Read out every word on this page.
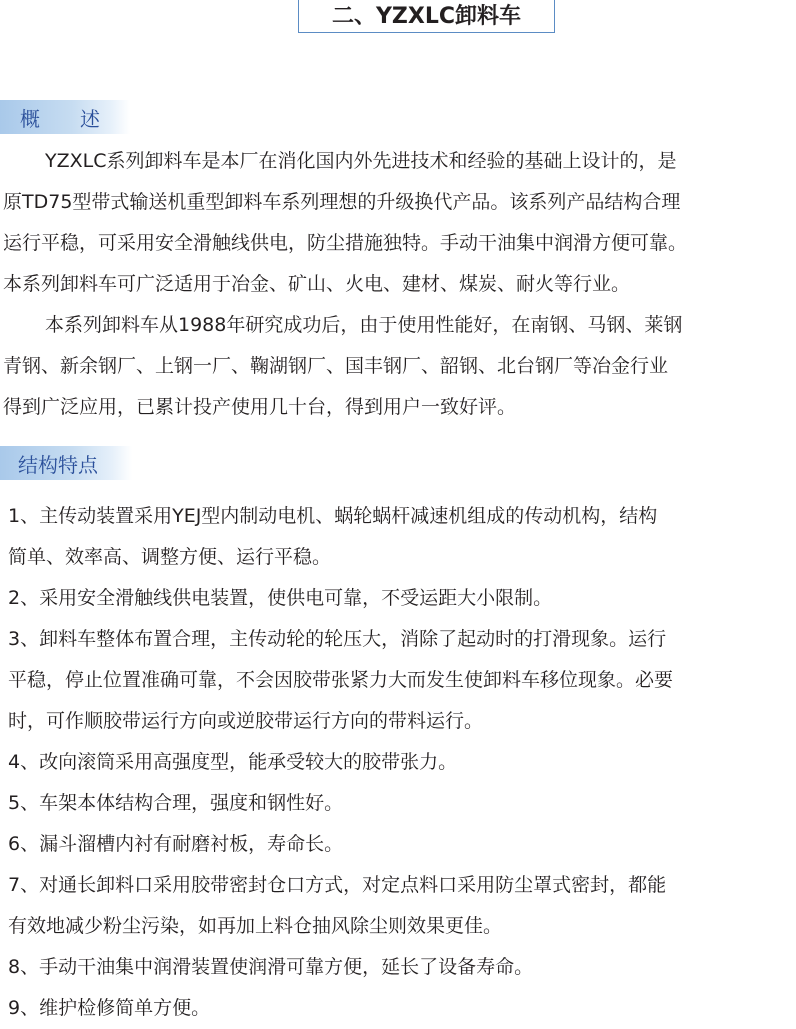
二、YZXLC卸料车
概　　述
YZXLC系列卸料车是本厂在消化国内外先进技术和经验的基础上设计的，是
原TD75型带式输送机重型卸料车系列理想的升级换代产品。该系列产品结构合理
运行平稳，可采用安全滑触线供电，防尘措施独特。手动干油集中润滑方便可靠。
本系列卸料车可广泛适用于冶金、矿山、火电、建材、煤炭、耐火等行业。
本系列卸料车从1988年研究成功后，由于使用性能好，在南钢、马钢、莱钢
青钢、新余钢厂、上钢一厂、鞠湖钢厂、国丰钢厂、韶钢、北台钢厂等冶金行业
得到广泛应用，已累计投产使用几十台，得到用户一致好评。
结构特点
1、主传动装置采用YEJ型内制动电机、蜗轮蜗杆减速机组成的传动机构，结构
简单、效率高、调整方便、运行平稳。
2、采用安全滑触线供电装置，使供电可靠，不受运距大小限制。
3、卸料车整体布置合理，主传动轮的轮压大，消除了起动时的打滑现象。运行
平稳，停止位置准确可靠，不会因胶带张紧力大而发生使卸料车移位现象。必要
时，可作顺胶带运行方向或逆胶带运行方向的带料运行。
4、改向滚筒采用高强度型，能承受较大的胶带张力。
5、车架本体结构合理，强度和钢性好。
6、漏斗溜槽内衬有耐磨衬板，寿命长。
7、对通长卸料口采用胶带密封仓口方式，对定点料口采用防尘罩式密封，都能
有效地减少粉尘污染，如再加上料仓抽风除尘则效果更佳。
8、手动干油集中润滑装置使润滑可靠方便，延长了设备寿命。
9、维护检修简单方便。
